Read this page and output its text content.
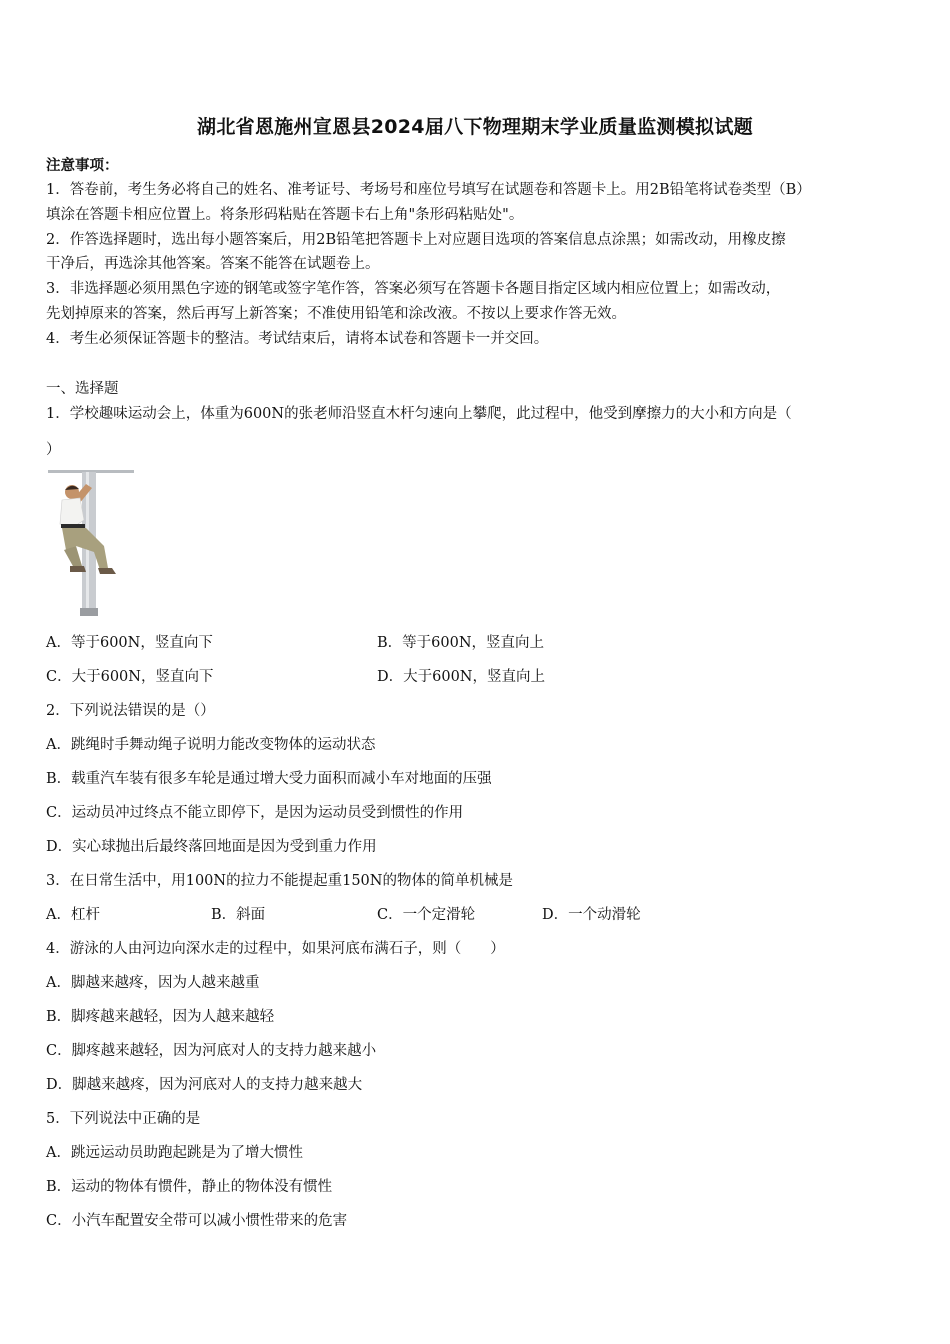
湖北省恩施州宣恩县2024届八下物理期末学业质量监测模拟试题
注意事项：
1．答卷前，考生务必将自己的姓名、准考证号、考场号和座位号填写在试题卷和答题卡上。用2B铅笔将试卷类型（B）
填涂在答题卡相应位置上。将条形码粘贴在答题卡右上角"条形码粘贴处"。
2．作答选择题时，选出每小题答案后，用2B铅笔把答题卡上对应题目选项的答案信息点涂黑；如需改动，用橡皮擦
干净后，再选涂其他答案。答案不能答在试题卷上。
3．非选择题必须用黑色字迹的钢笔或签字笔作答，答案必须写在答题卡各题目指定区域内相应位置上；如需改动，
先划掉原来的答案，然后再写上新答案；不准使用铅笔和涂改液。不按以上要求作答无效。
4．考生必须保证答题卡的整洁。考试结束后，请将本试卷和答题卡一并交回。
一、选择题
1．学校趣味运动会上，体重为600N的张老师沿竖直木杆匀速向上攀爬，此过程中，他受到摩擦力的大小和方向是（
）
A．等于600N，竖直向下	B．等于600N，竖直向上
C．大于600N，竖直向下	D．大于600N，竖直向上
2．下列说法错误的是（）
A．跳绳时手舞动绳子说明力能改变物体的运动状态
B．载重汽车装有很多车轮是通过增大受力面积而减小车对地面的压强
C．运动员冲过终点不能立即停下，是因为运动员受到惯性的作用
D．实心球抛出后最终落回地面是因为受到重力作用
3．在日常生活中，用100N的拉力不能提起重150N的物体的简单机械是
A．杠杆	B．斜面	C．一个定滑轮	D．一个动滑轮
4．游泳的人由河边向深水走的过程中，如果河底布满石子，则（　　）
A．脚越来越疼，因为人越来越重
B．脚疼越来越轻，因为人越来越轻
C．脚疼越来越轻，因为河底对人的支持力越来越小
D．脚越来越疼，因为河底对人的支持力越来越大
5．下列说法中正确的是
A．跳远运动员助跑起跳是为了增大惯性
B．运动的物体有惯件，静止的物体没有惯性
C．小汽车配置安全带可以减小惯性带来的危害
